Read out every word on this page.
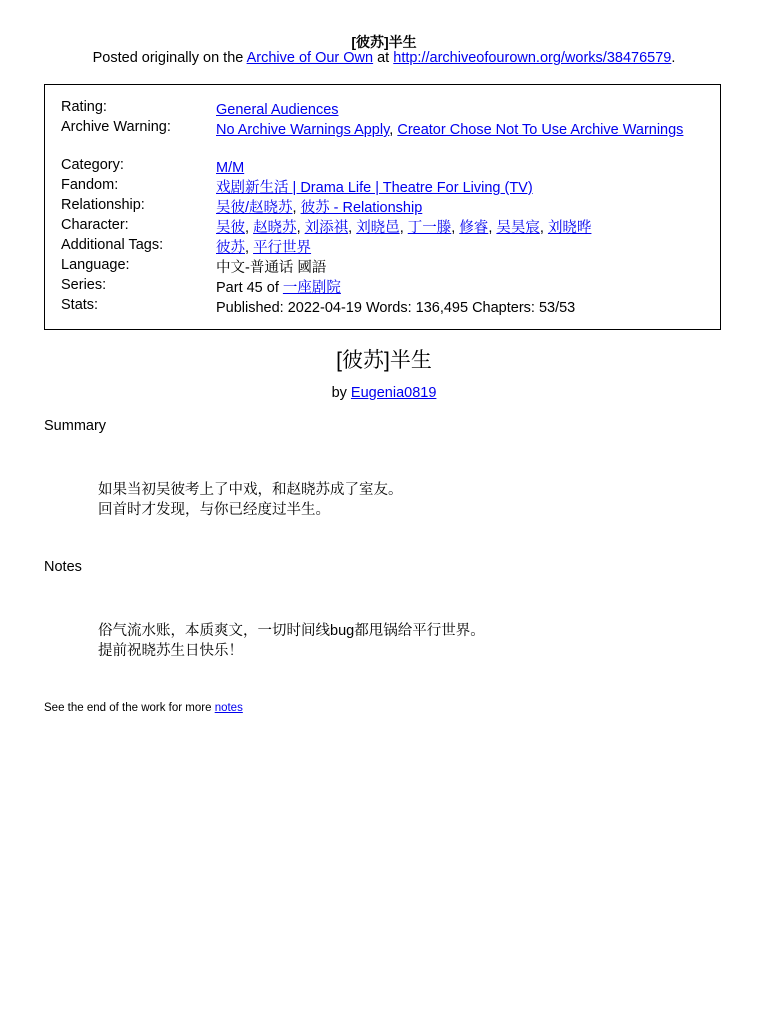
[彼苏]半生
Posted originally on the Archive of Our Own at http://archiveofourown.org/works/38476579.
Rating:	General Audiences
Archive Warning:	No Archive Warnings Apply, Creator Chose Not To Use Archive Warnings
Category:	M/M
Fandom:	戏剧新生活 | Drama Life | Theatre For Living (TV)
Relationship:	吴彼/赵晓苏, 彼苏 - Relationship
Character:	吴彼, 赵晓苏, 刘添祺, 刘晓邑, 丁一滕, 修睿, 吴昊宸, 刘晓晔
Additional Tags:	彼苏, 平行世界
Language:	中文-普通话 國語
Series:	Part 45 of 一座剧院
Stats:	Published: 2022-04-19 Words: 136,495 Chapters: 53/53
[彼苏]半生
by Eugenia0819
Summary
如果当初吴彼考上了中戏，和赵晓苏成了室友。
回首时才发现，与你已经度过半生。
Notes
俗气流水账，本质爽文，一切时间线bug都甩锅给平行世界。
提前祝晓苏生日快乐！
See the end of the work for more notes
